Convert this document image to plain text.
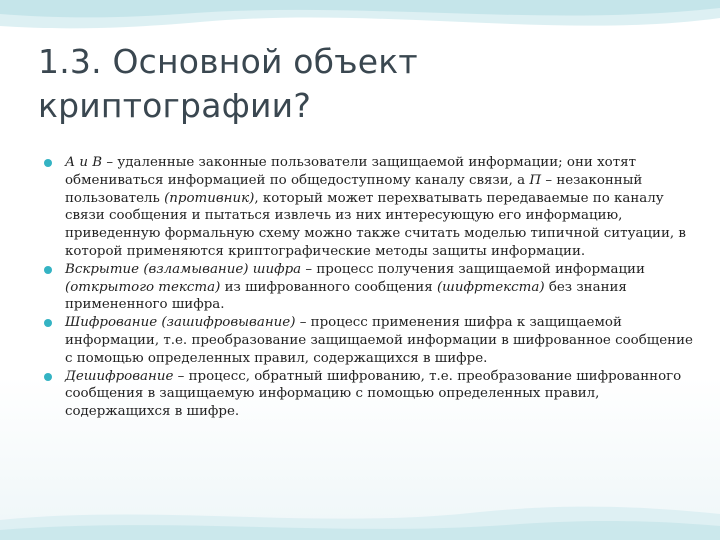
1.3. Основной объект
криптографии?

А и В – удаленные законные пользователи защищаемой информации; они хотят обмениваться информацией по общедоступному каналу связи, а П – незаконный пользователь (противник), который может перехватывать передаваемые по каналу связи сообщения и пытаться извлечь из них интересующую его информацию, приведенную формальную схему можно также считать моделью типичной ситуации, в которой применяются криптографические методы защиты информации.

Вскрытие (взламывание) шифра – процесс получения защищаемой информации (открытого текста) из шифрованного сообщения (шифртекста) без знания примененного шифра.

Шифрование (зашифровывание) – процесс применения шифра к защищаемой информации, т.е. преобразование защищаемой информации в шифрованное сообщение с помощью определенных правил, содержащихся в шифре.

Дешифрование – процесс, обратный шифрованию, т.е. преобразование шифрованного сообщения в защищаемую информацию с помощью определенных правил, содержащихся в шифре.
